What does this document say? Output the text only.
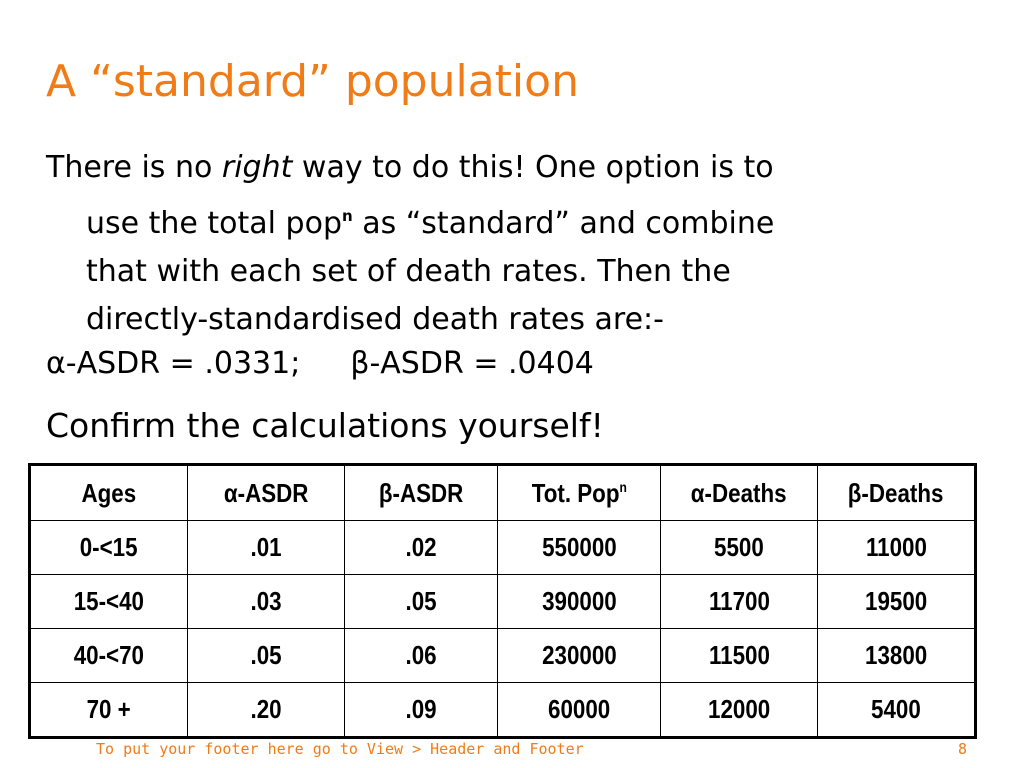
A “standard” population
There is no right way to do this! One option is to
use the total pop$^n$ as “standard” and combine
that with each set of death rates. Then the
directly-standardised death rates are:-
α-ASDR = .0331; β-ASDR = .0404
Confirm the calculations yourself!
Ages	α-ASDR	β-ASDR	Tot. Pop$^n$	α-Deaths	β-Deaths
0-<15	.01	.02	550000	5500	11000
15-<40	.03	.05	390000	11700	19500
40-<70	.05	.06	230000	11500	13800
70 +	.20	.09	60000	12000	5400
To put your footer here go to View > Header and Footer	8
